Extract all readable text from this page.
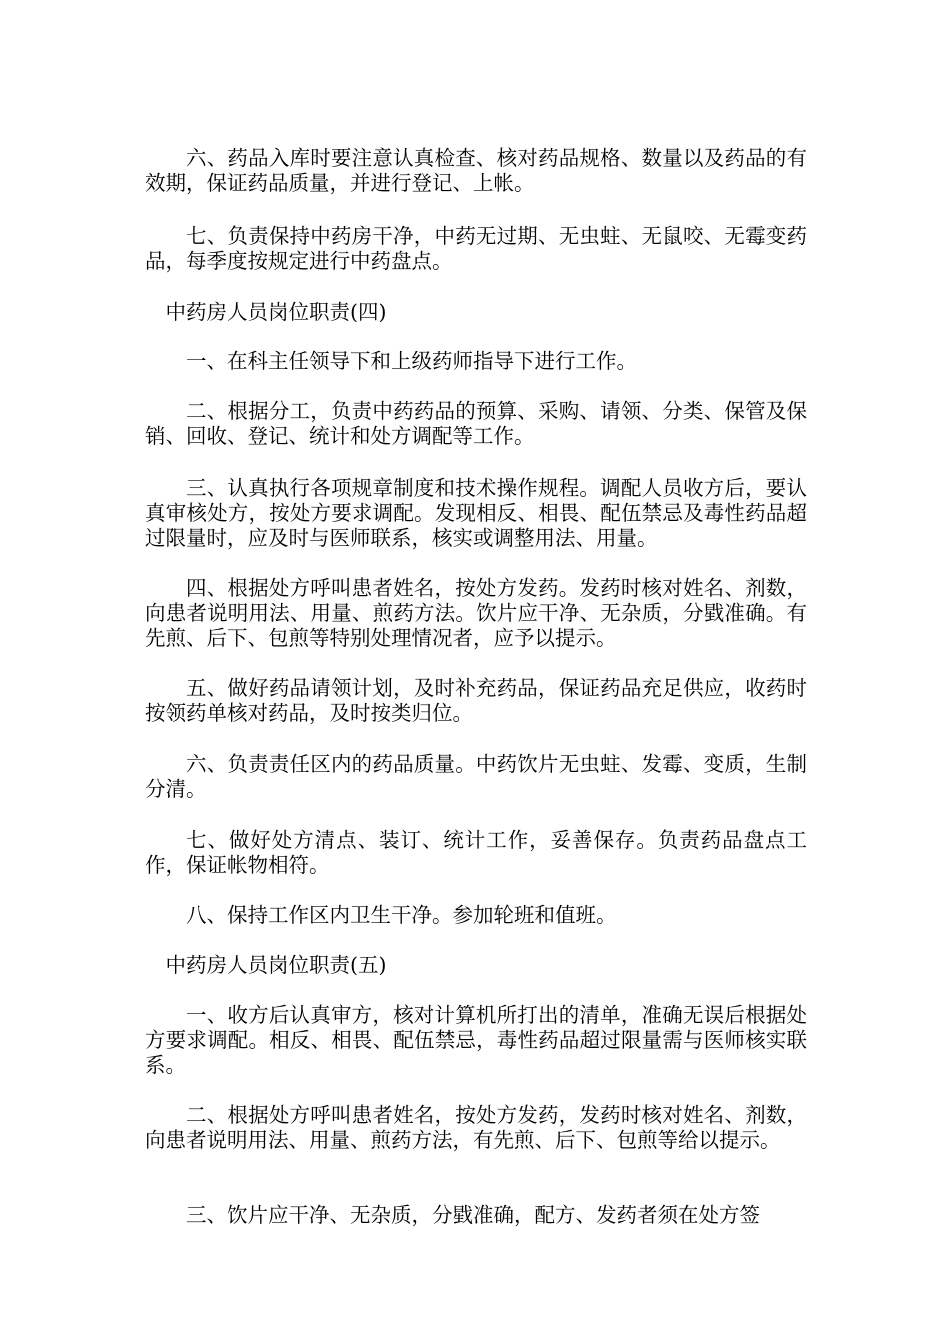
六、药品入库时要注意认真检查、核对药品规格、数量以及药品的有效期，保证药品质量，并进行登记、上帐。

七、负责保持中药房干净，中药无过期、无虫蛀、无鼠咬、无霉变药品，每季度按规定进行中药盘点。

中药房人员岗位职责(四)

一、在科主任领导下和上级药师指导下进行工作。

二、根据分工，负责中药药品的预算、采购、请领、分类、保管及保销、回收、登记、统计和处方调配等工作。

三、认真执行各项规章制度和技术操作规程。调配人员收方后，要认真审核处方，按处方要求调配。发现相反、相畏、配伍禁忌及毒性药品超过限量时，应及时与医师联系，核实或调整用法、用量。

四、根据处方呼叫患者姓名，按处方发药。发药时核对姓名、剂数，向患者说明用法、用量、煎药方法。饮片应干净、无杂质，分戥准确。有先煎、后下、包煎等特别处理情况者，应予以提示。

五、做好药品请领计划，及时补充药品，保证药品充足供应，收药时按领药单核对药品，及时按类归位。

六、负责责任区内的药品质量。中药饮片无虫蛀、发霉、变质，生制分清。

七、做好处方清点、装订、统计工作，妥善保存。负责药品盘点工作，保证帐物相符。

八、保持工作区内卫生干净。参加轮班和值班。

中药房人员岗位职责(五)

一、收方后认真审方，核对计算机所打出的清单，准确无误后根据处方要求调配。相反、相畏、配伍禁忌，毒性药品超过限量需与医师核实联系。

二、根据处方呼叫患者姓名，按处方发药，发药时核对姓名、剂数，向患者说明用法、用量、煎药方法，有先煎、后下、包煎等给以提示。

三、饮片应干净、无杂质，分戥准确，配方、发药者须在处方签
